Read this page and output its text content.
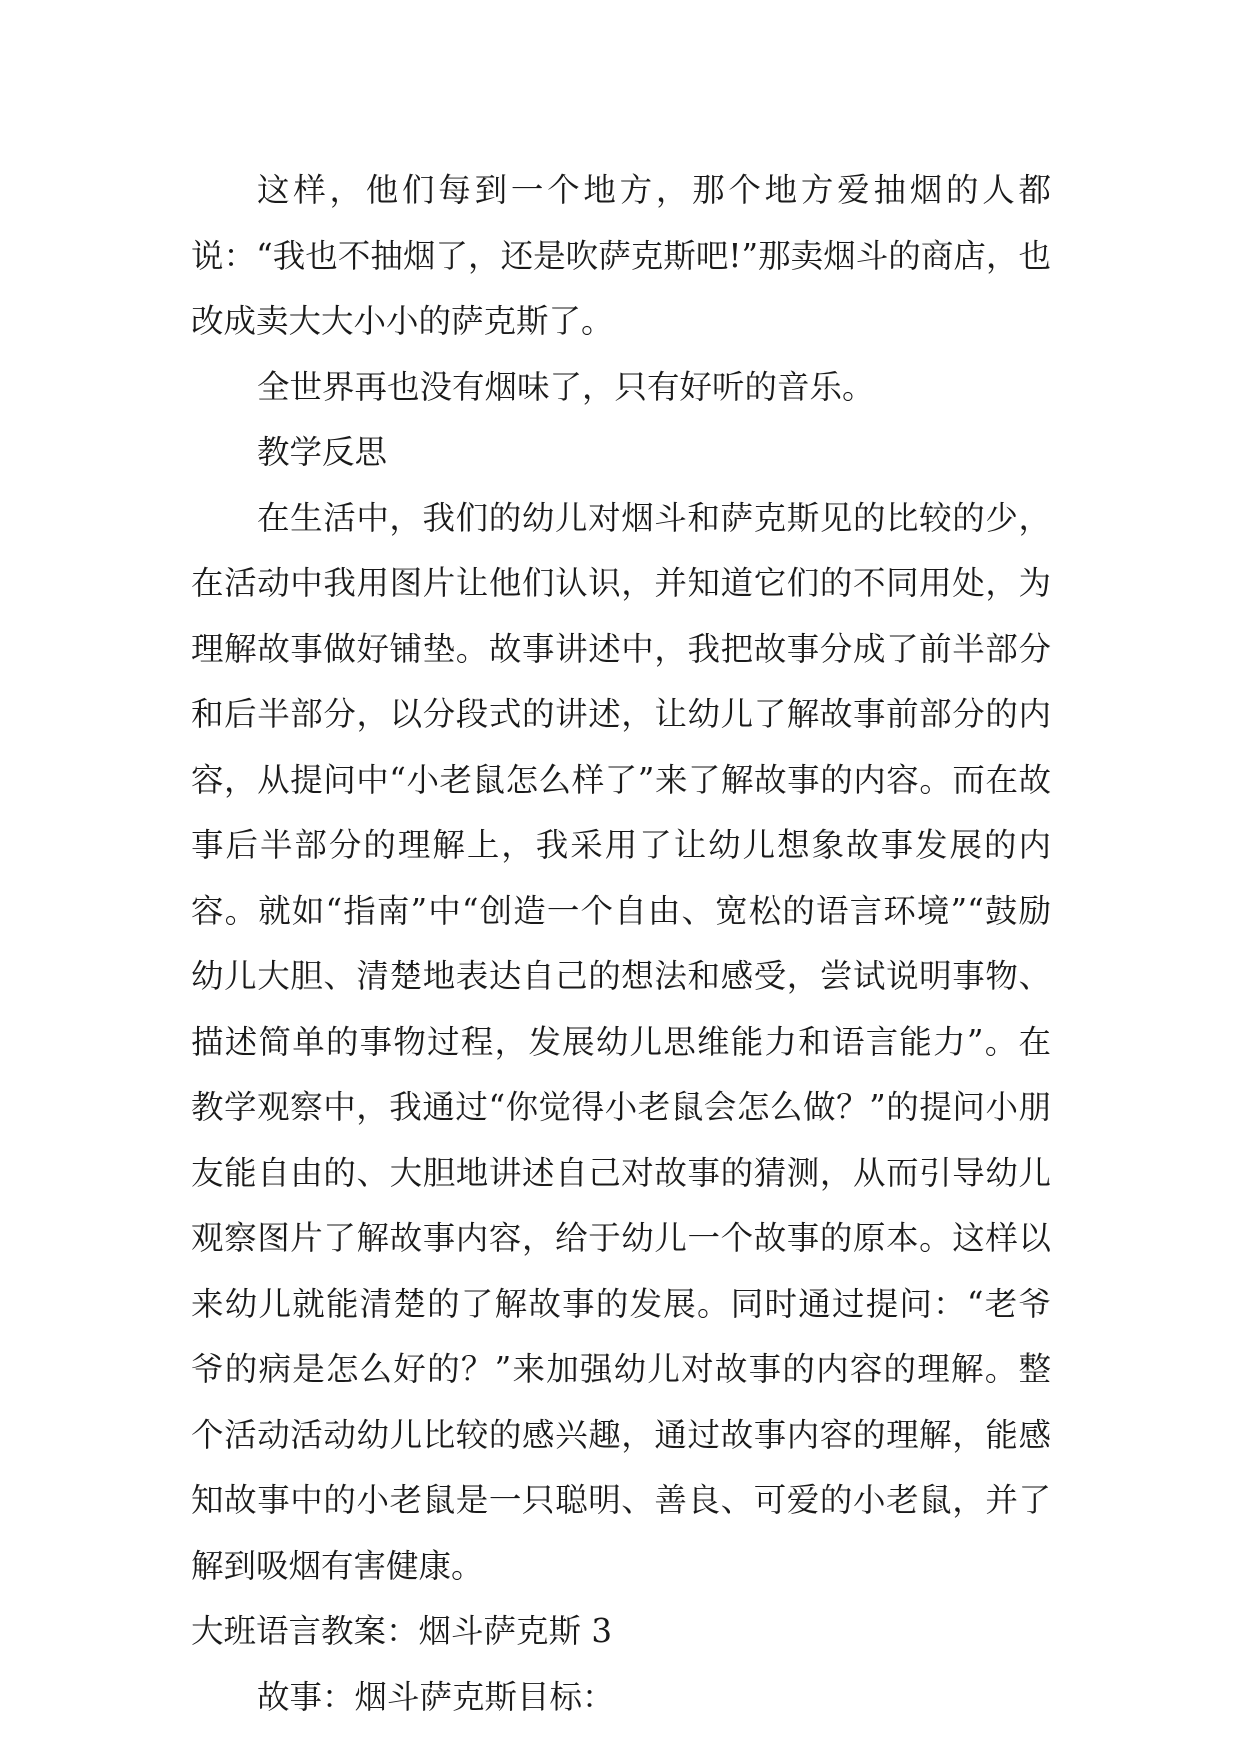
这样，他们每到一个地方，那个地方爱抽烟的人都说：“我也不抽烟了，还是吹萨克斯吧!”那卖烟斗的商店，也改成卖大大小小的萨克斯了。

全世界再也没有烟味了，只有好听的音乐。

教学反思

在生活中，我们的幼儿对烟斗和萨克斯见的比较的少，在活动中我用图片让他们认识，并知道它们的不同用处，为理解故事做好铺垫。故事讲述中，我把故事分成了前半部分和后半部分，以分段式的讲述，让幼儿了解故事前部分的内容，从提问中“小老鼠怎么样了”来了解故事的内容。而在故事后半部分的理解上，我采用了让幼儿想象故事发展的内容。就如“指南”中“创造一个自由、宽松的语言环境”“鼓励幼儿大胆、清楚地表达自己的想法和感受，尝试说明事物、描述简单的事物过程，发展幼儿思维能力和语言能力”。在教学观察中，我通过“你觉得小老鼠会怎么做？”的提问小朋友能自由的、大胆地讲述自己对故事的猜测，从而引导幼儿观察图片了解故事内容，给于幼儿一个故事的原本。这样以来幼儿就能清楚的了解故事的发展。同时通过提问：“老爷爷的病是怎么好的？”来加强幼儿对故事的内容的理解。整个活动活动幼儿比较的感兴趣，通过故事内容的理解，能感知故事中的小老鼠是一只聪明、善良、可爱的小老鼠，并了解到吸烟有害健康。

大班语言教案：烟斗萨克斯 3

故事：烟斗萨克斯目标：
